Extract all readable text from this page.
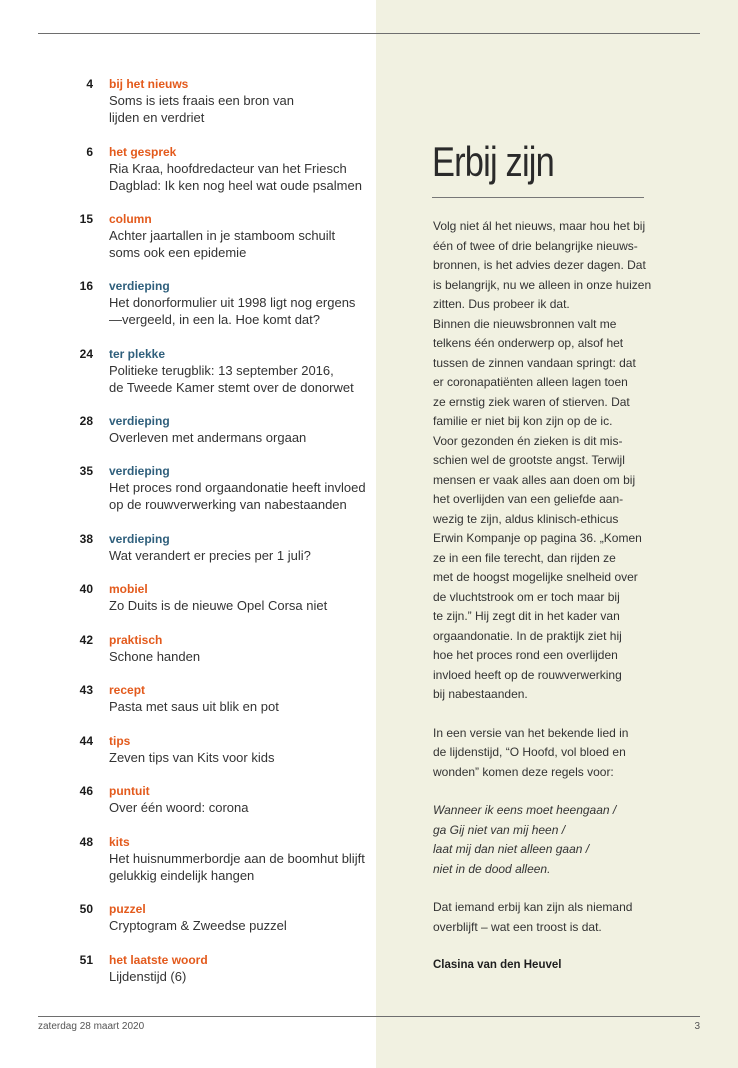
4 bij het nieuws
Soms is iets fraais een bron van
lijden en verdriet
6 het gesprek
Ria Kraa, hoofdredacteur van het Friesch
Dagblad: Ik ken nog heel wat oude psalmen
15 column
Achter jaartallen in je stamboom schuilt
soms ook een epidemie
16 verdieping
Het donorformulier uit 1998 ligt nog ergens
—vergeeld, in een la. Hoe komt dat?
24 ter plekke
Politieke terugblik: 13 september 2016,
de Tweede Kamer stemt over de donorwet
28 verdieping
Overleven met andermans orgaan
35 verdieping
Het proces rond orgaandonatie heeft invloed
op de rouwverwerking van nabestaanden
38 verdieping
Wat verandert er precies per 1 juli?
40 mobiel
Zo Duits is de nieuwe Opel Corsa niet
42 praktisch
Schone handen
43 recept
Pasta met saus uit blik en pot
44 tips
Zeven tips van Kits voor kids
46 puntuit
Over één woord: corona
48 kits
Het huisnummerbordje aan de boomhut blijft
gelukkig eindelijk hangen
50 puzzel
Cryptogram & Zweedse puzzel
51 het laatste woord
Lijdenstijd (6)
Erbij zijn

Volg niet ál het nieuws, maar hou het bij
één of twee of drie belangrijke nieuws-
bronnen, is het advies dezer dagen. Dat
is belangrijk, nu we alleen in onze huizen
zitten. Dus probeer ik dat.
Binnen die nieuwsbronnen valt me
telkens één onderwerp op, alsof het
tussen de zinnen vandaan springt: dat
er coronapatiënten alleen lagen toen
ze ernstig ziek waren of stierven. Dat
familie er niet bij kon zijn op de ic.
Voor gezonden én zieken is dit mis-
schien wel de grootste angst. Terwijl
mensen er vaak alles aan doen om bij
het overlijden van een geliefde aan-
wezig te zijn, aldus klinisch-ethicus
Erwin Kompanje op pagina 36. „Komen
ze in een file terecht, dan rijden ze
met de hoogst mogelijke snelheid over
de vluchtstrook om er toch maar bij
te zijn.” Hij zegt dit in het kader van
orgaandonatie. In de praktijk ziet hij
hoe het proces rond een overlijden
invloed heeft op de rouwverwerking
bij nabestaanden.

In een versie van het bekende lied in
de lijdenstijd, “O Hoofd, vol bloed en
wonden” komen deze regels voor:

Wanneer ik eens moet heengaan /
ga Gij niet van mij heen /
laat mij dan niet alleen gaan /
niet in de dood alleen.

Dat iemand erbij kan zijn als niemand
overblijft – wat een troost is dat.

Clasina van den Heuvel

zaterdag 28 maart 2020	3
